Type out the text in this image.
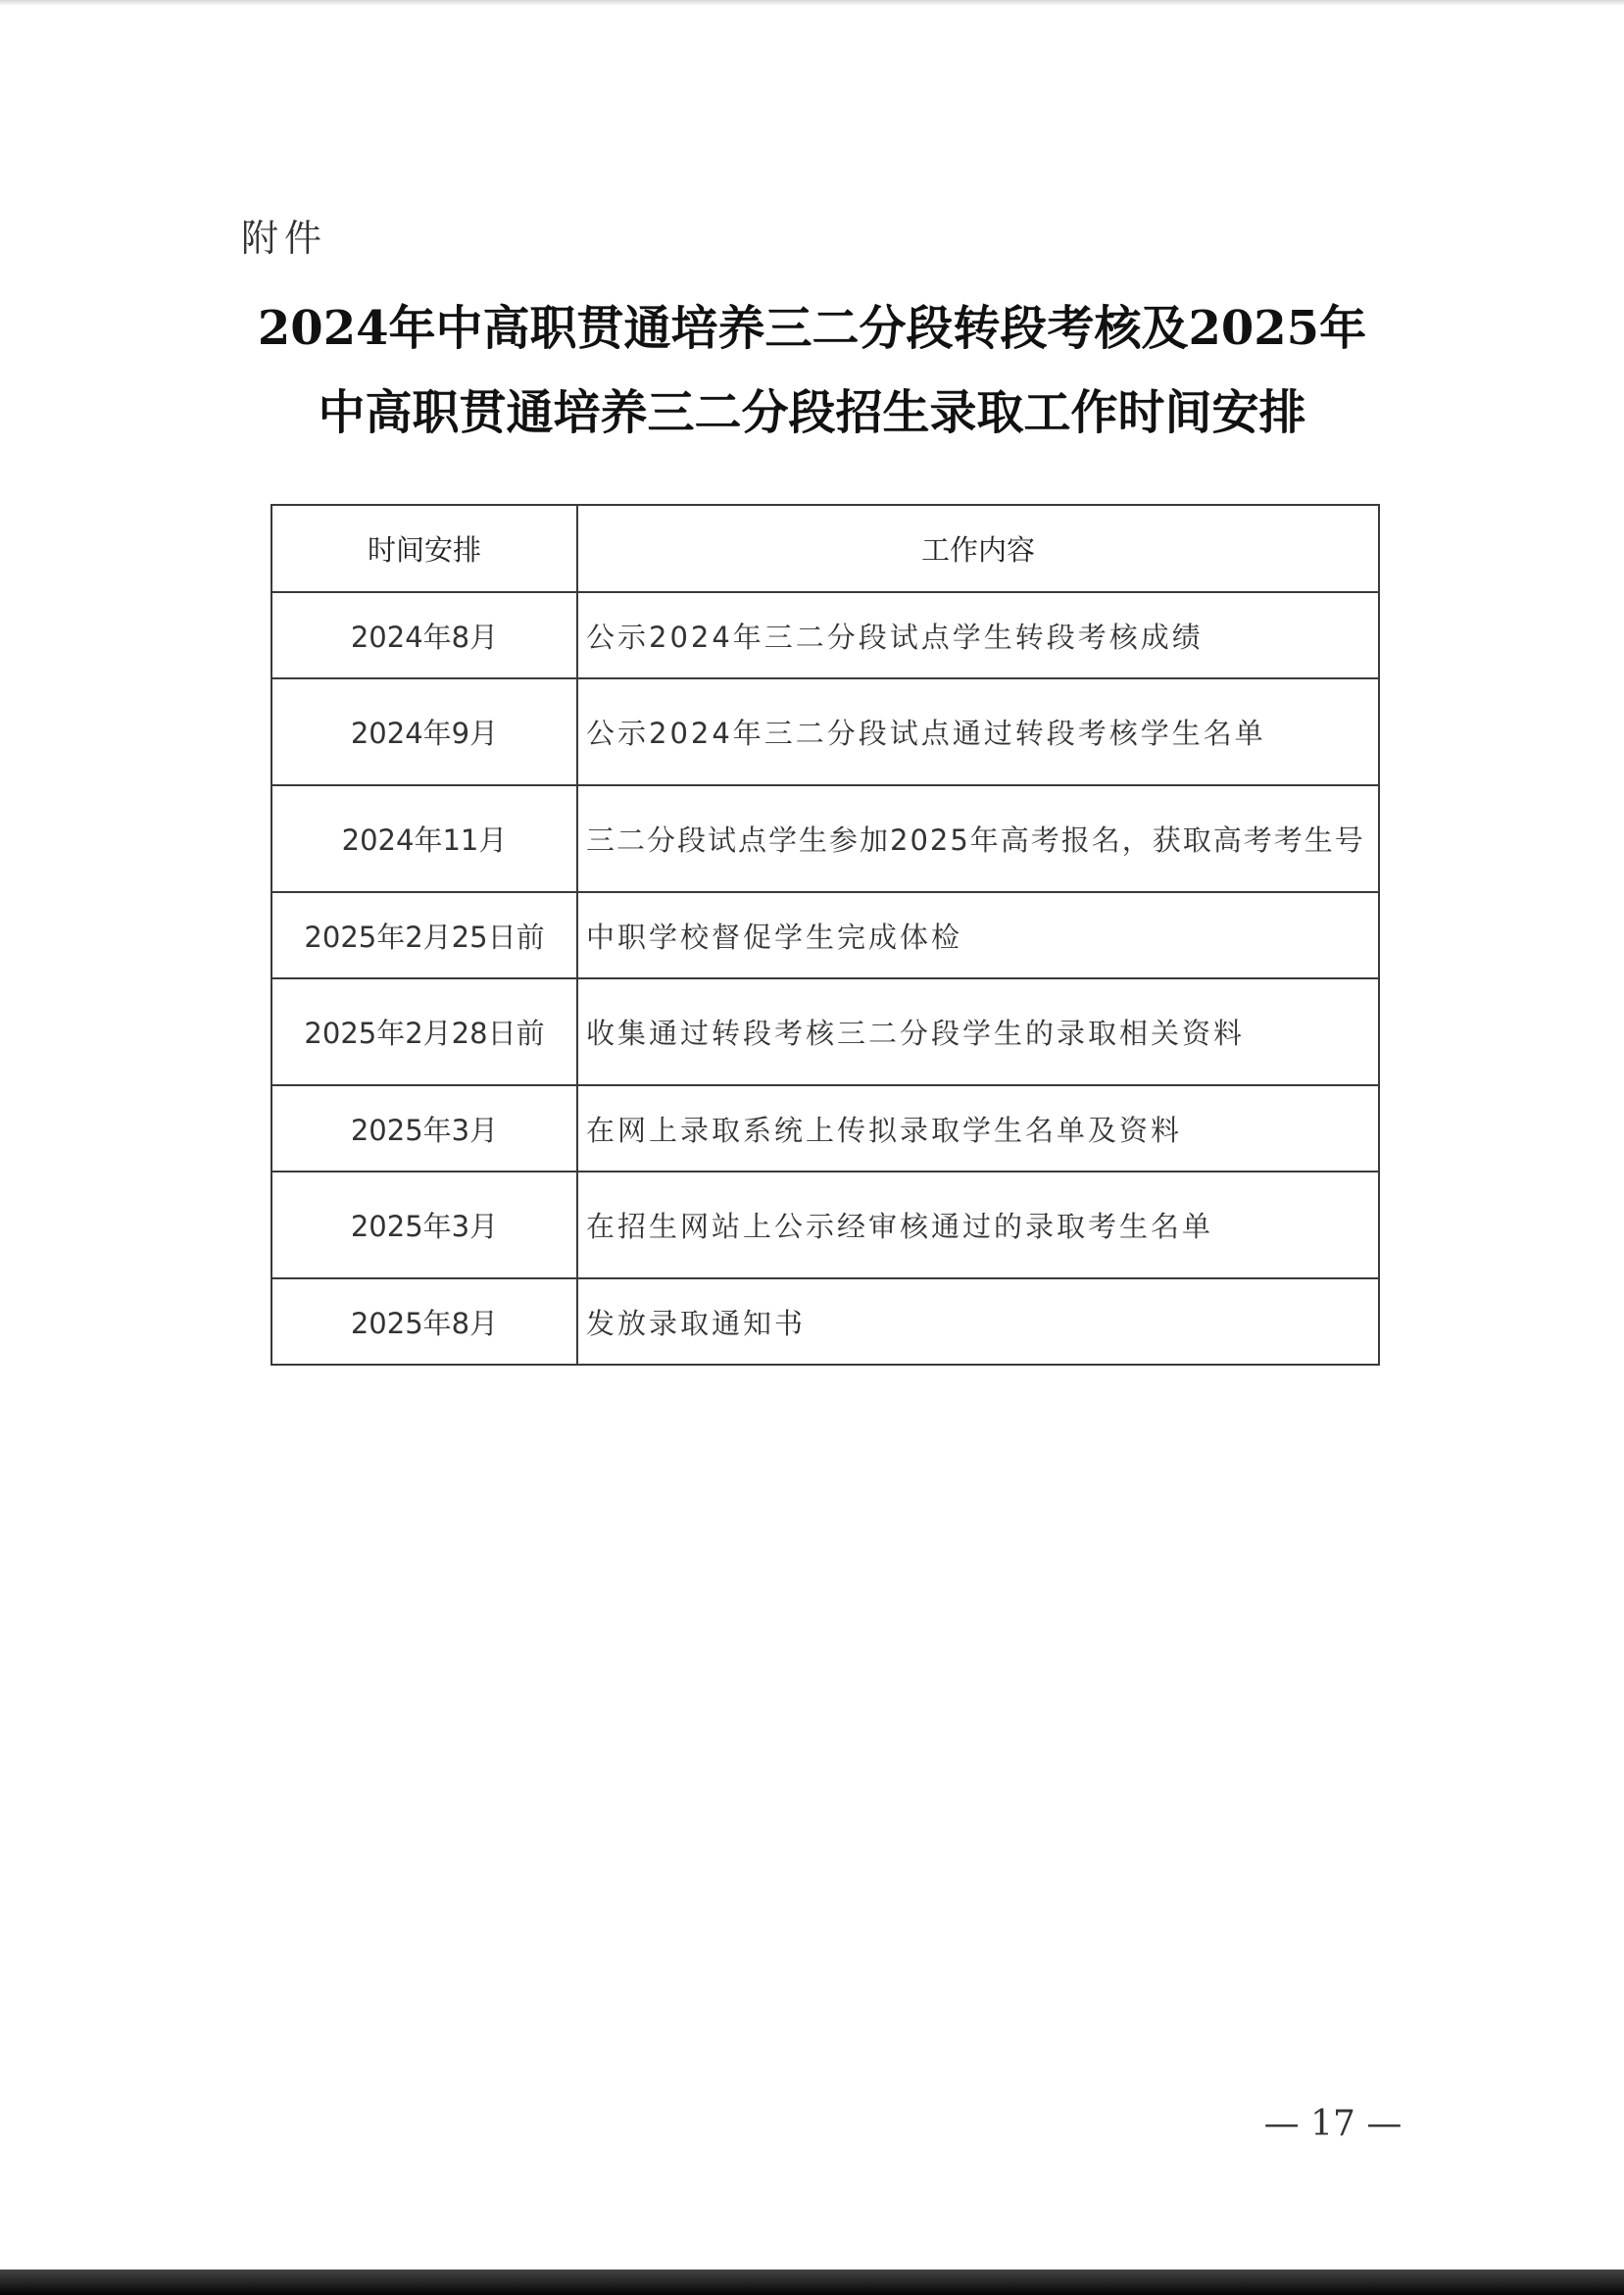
附件
2024年中高职贯通培养三二分段转段考核及2025年
中高职贯通培养三二分段招生录取工作时间安排
时间安排	工作内容
2024年8月	公示2024年三二分段试点学生转段考核成绩
2024年9月	公示2024年三二分段试点通过转段考核学生名单
2024年11月	三二分段试点学生参加2025年高考报名，获取高考考生号
2025年2月25日前	中职学校督促学生完成体检
2025年2月28日前	收集通过转段考核三二分段学生的录取相关资料
2025年3月	在网上录取系统上传拟录取学生名单及资料
2025年3月	在招生网站上公示经审核通过的录取考生名单
2025年8月	发放录取通知书
— 17 —
